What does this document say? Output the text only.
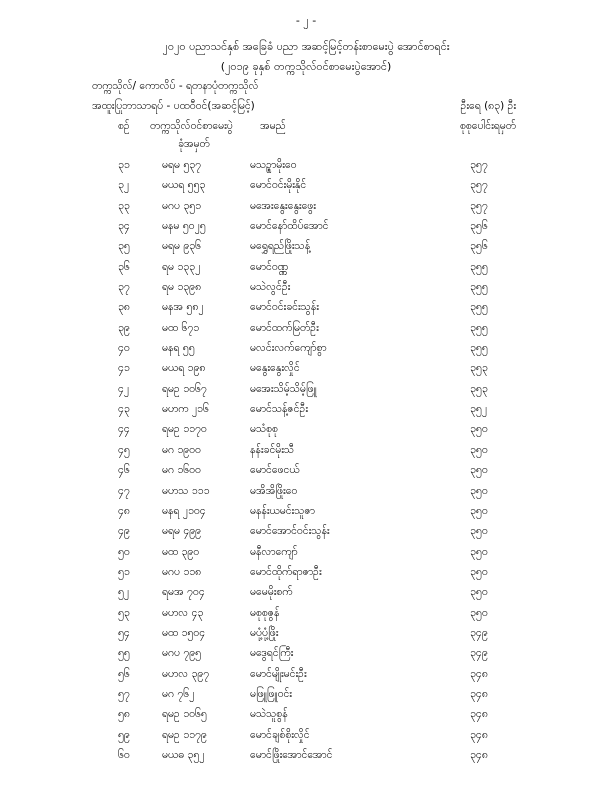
- ၂ -
၂၀၂၀ ပညာသင်နှစ် အခြေခံ ပညာ အဆင့်မြင့်တန်းစာမေးပွဲ အောင်စာရင်း
(၂၀၁၉ ခုနှစ် တက္ကသိုလ်ဝင်စာမေးပွဲအောင်)
တက္ကသိုလ်/ ကောလိပ် - ရတနာပုံတက္ကသိုလ်
အထူးပြုဘာသာရပ် - ပထဝီဝင်(အဆင့်မြင့်)	ဦးရေ (၈၃) ဦး
စဉ် တက္ကသိုလ်ဝင်စာမေးပွဲ
ခုံအမှတ်
အမည်	စုစုပေါင်းရမှတ်
၃၁	မရမ ၅၃၇	မသဉ္စာမိုးဝေ	၃၅၇
၃၂	မယရ ၅၅၃	မောင်ဝင်းမိုးနိုင်	၃၅၇
၃၃	မဂပ ၃၅၁	မအေးနွေးနွေးဖွေး	၃၅၇
၃၄	မနမ ၅၀၂၅	မောင်နော်ထိပ်အောင်	၃၅၆
၃၅	မရမ ၉၃၆	မရွှေရည်ဖြိုးသန့်	၃၅၆
၃၆	ရမ ၁၃၃၂	မောင်ဝဏ္ဏ	၃၅၅
၃၇	ရမ ၁၃၉၈	မသဲလွင်ဦး	၃၅၅
၃၈	မနအ ၅၈၂	မောင်ဝင်းခင်းသွန်း	၃၅၅
၃၉	မထ ၆၇၁	မောင်ထက်မြတ်ဦး	၃၅၅
၄၀	မနရ ၅၅	မလင်းလက်ကျော်စွာ	၃၅၅
၄၁	မယရ ၁၉၈	မနွေးနွေးလှိုင်	၃၅၃
၄၂	ရမဥ ၁၀၆၇	မအေးသိမ့်သိမ့်ဖြူ	၃၅၃
၄၃	မဟက ၂၁၆	မောင်သန့်ဇင်ဦး	၃၅၂
၄၄	ရမဥ ၁၁၇၀	မသံစုစု	၃၅၀
၄၅	မဂ ၁၉၀၀	နန်းခင်မိုးသီ	၃၅၀
၄၆	မဂ ၁၆၀၀	မောင်ဖေငယ်	၃၅၀
၄၇	မဟသ ၁၁၁	မအိအိဖြိုးဝေ	၃၅၀
၄၈	မနရ ၂၁၀၄	မနန်းယမင်းသူဇာ	၃၅၀
၄၉	မရမ ၄၉၉	မောင်အောင်ဝင်းသွန်း	၃၅၀
၅၀	မထ ၃၉၀	မနီလာကျော်	၃၅၀
၅၁	မဂပ ၁၁၈	မောင်ထိုက်ရာဇာဦး	၃၅၀
၅၂	ရမအ ၇၀၄	မမေမိုးစက်	၃၅၀
၅၃	မဟလ ၄၃	မစုစုဇွန်	၃၅၀
၅၄	မထ ၁၅၀၄	မပုံ့ပုံ့ဖြိုး	၃၄၉
၅၅	မဂပ ၇၉၅	မဒွေရင်ကြီး	၃၄၉
၅၆	မဟလ ၃၉၇	မောင်မျိုးမင်းဦး	၃၄၈
၅၇	မဂ ၇၆၂	မဖြူဖြူဝင်း	၃၄၈
၅၈	ရမဥ ၁၀၆၅	မသဲသူစွန်	၃၄၈
၅၉	ရမဥ ၁၁၇၉	မောင်ချစ်စိုးလှိုင်	၃၄၈
၆၀	မယဓ ၃၅၂	မောင်ဖြိုးအောင်အောင်	၃၄၈
